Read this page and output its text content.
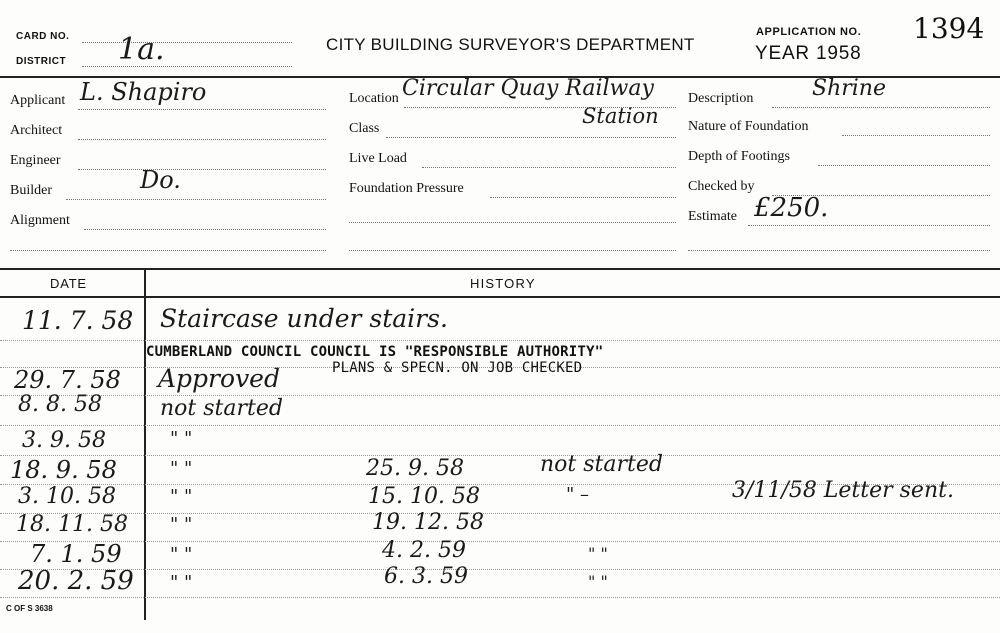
CARD NO.
DISTRICT 1a.	CITY BUILDING SURVEYOR'S DEPARTMENT
APPLICATION NO. 1394
YEAR 1958
Applicant L. Shapiro
Architect
Engineer
Builder	Do.
Alignment
Location Circular Quay Railway
Class
Station
Live Load
Foundation Pressure
Description	Shrine
Nature of Foundation
Depth of Footings
Checked by
Estimate £250.
DATE	HISTORY
11. 7. 58 Staircase under stairs.
CUMBERLAND COUNCIL COUNCIL IS "RESPONSIBLE AUTHORITY"
29. 7. 58 Approved	PLANS & SPECN. ON JOB CHECKED
8. 8. 58	not started
3. 9. 58	" "
18. 9. 58	" "	25. 9. 58	not started
3. 10. 58	" "	15. 10. 58	" –	3/11/58 Letter sent.
18. 11. 58 " "	19. 12. 58
7. 1. 59	" "	4. 2. 59	" "
20. 2. 59 " "	6. 3. 59	" "
C OF S 3638
